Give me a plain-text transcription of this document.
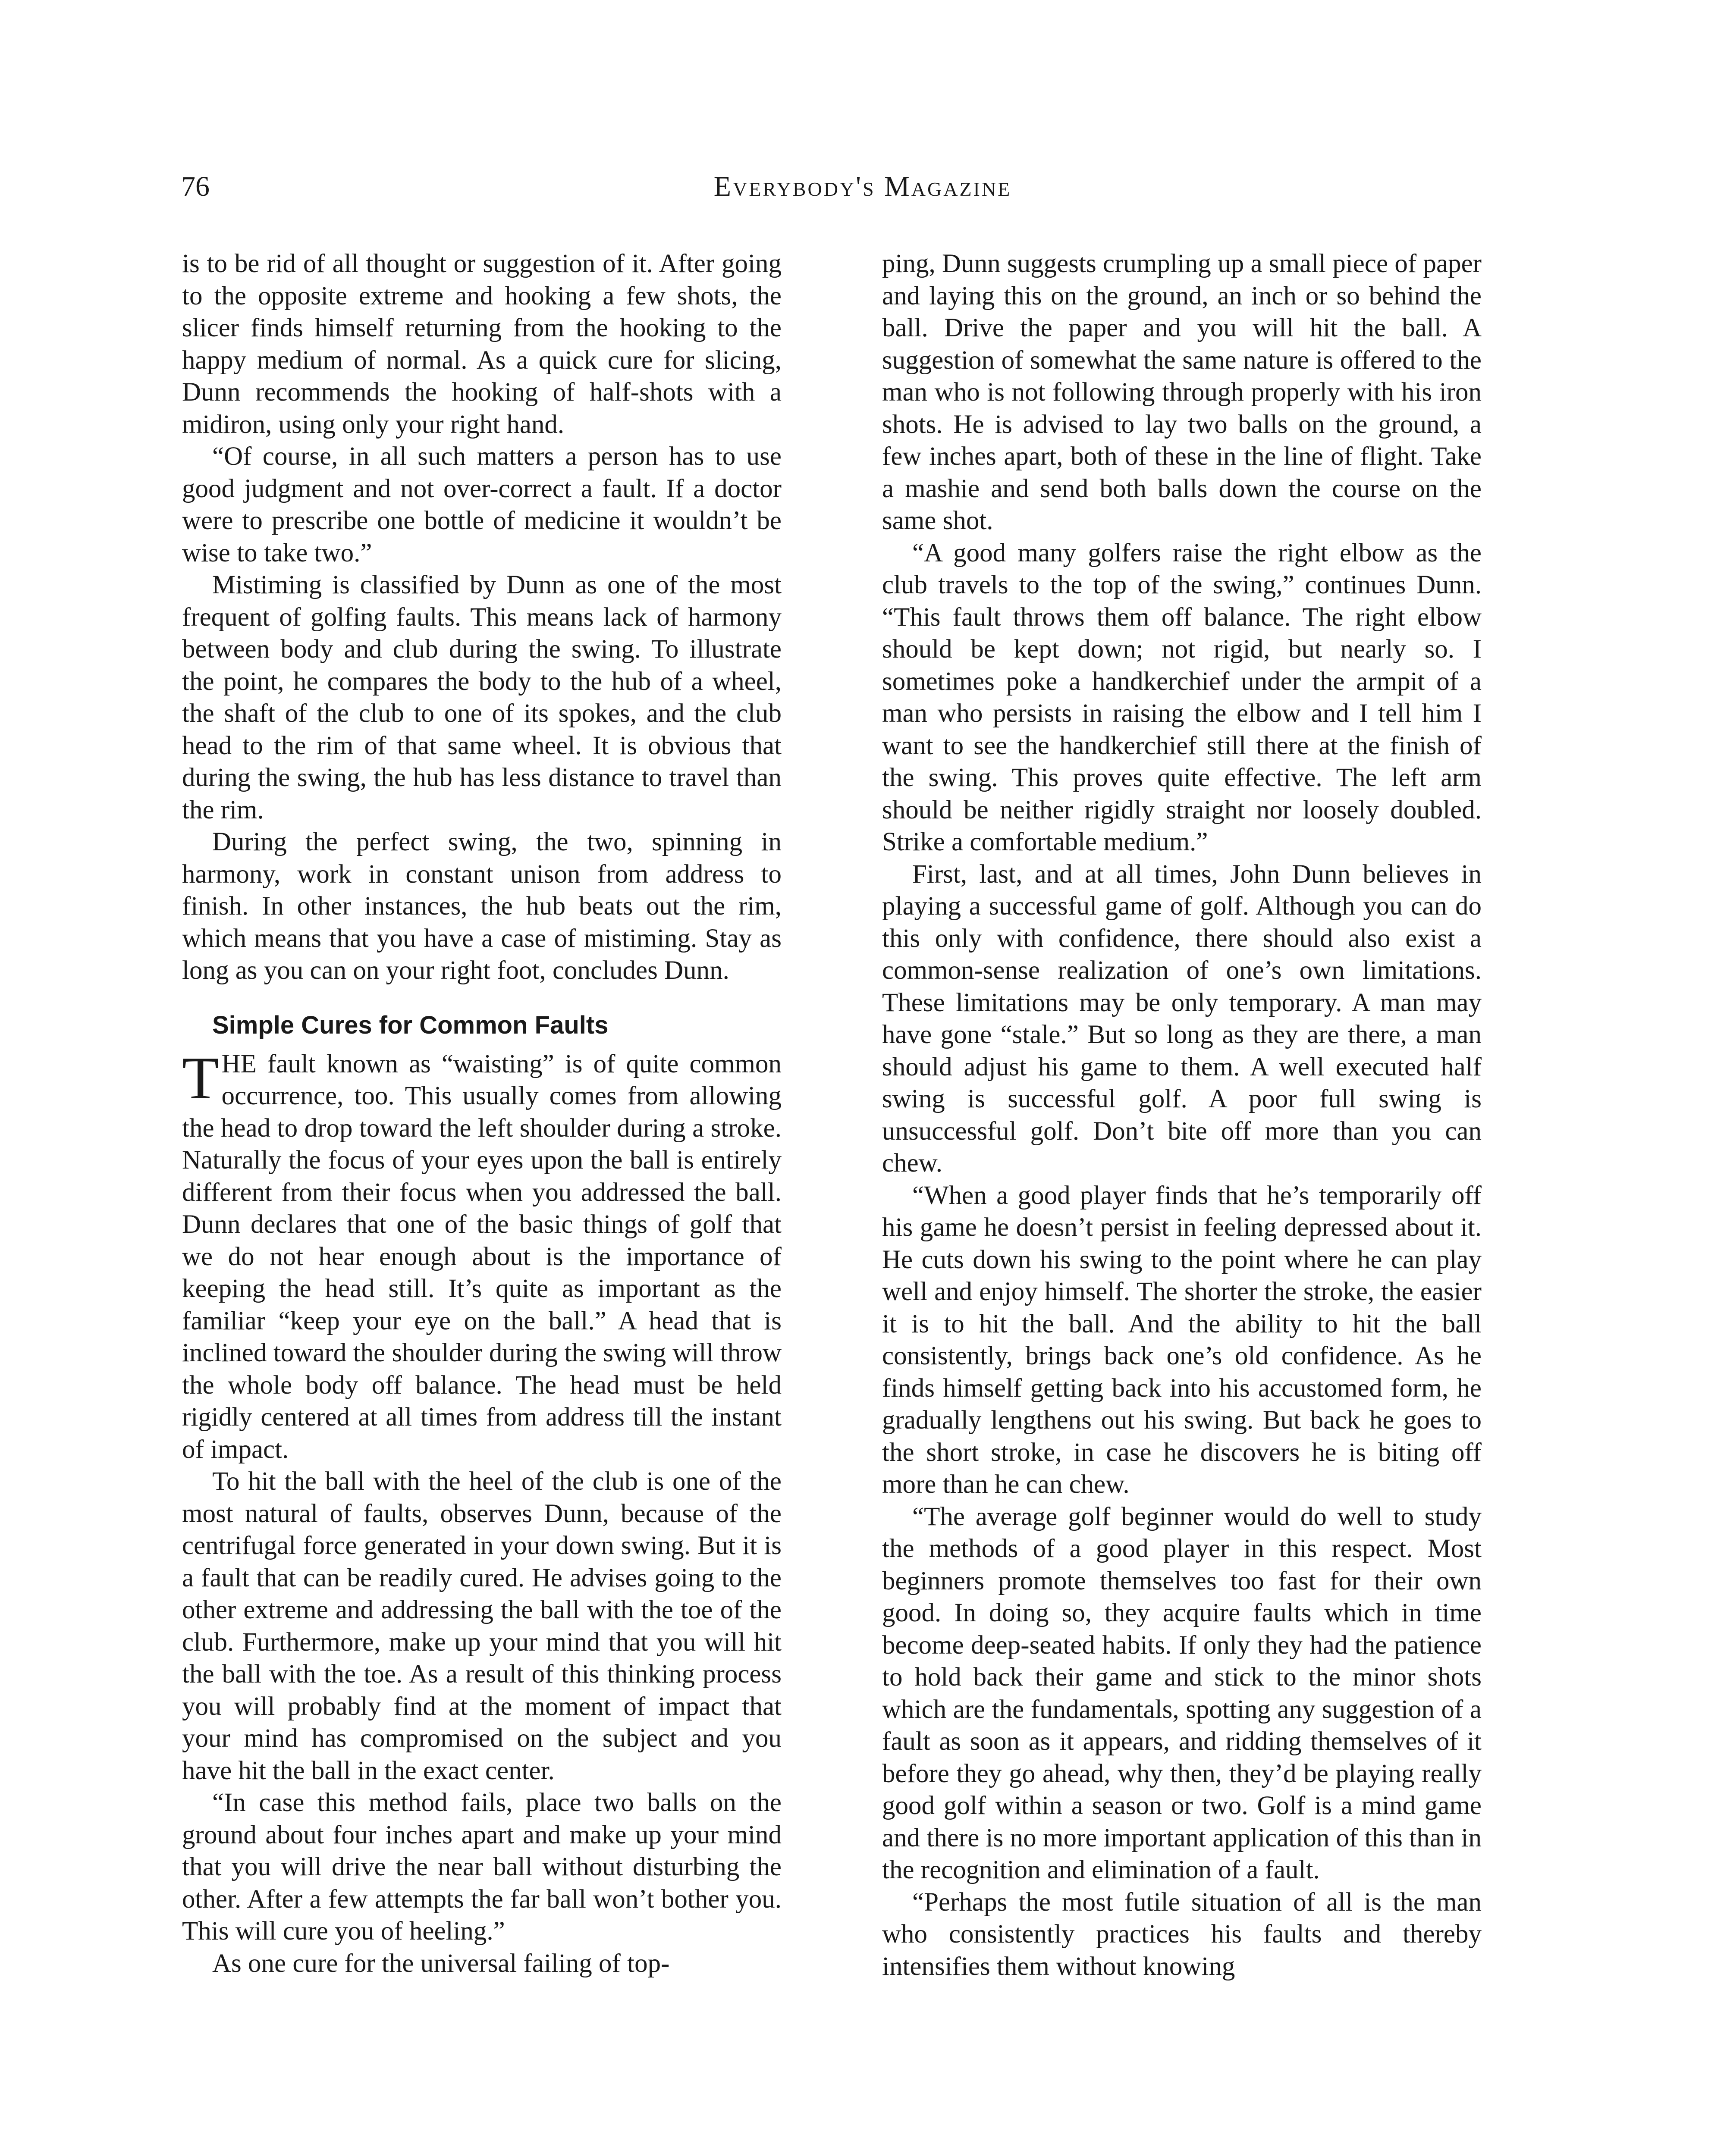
76	Everybody's Magazine

is to be rid of all thought or suggestion of it. After going to the opposite extreme and hooking a few shots, the slicer finds himself returning from the hooking to the happy medium of normal. As a quick cure for slicing, Dunn recommends the hooking of half-shots with a midiron, using only your right hand.

“Of course, in all such matters a person has to use good judgment and not over-correct a fault. If a doctor were to prescribe one bottle of medicine it wouldn’t be wise to take two.”

Mistiming is classified by Dunn as one of the most frequent of golfing faults. This means lack of harmony between body and club during the swing. To illustrate the point, he compares the body to the hub of a wheel, the shaft of the club to one of its spokes, and the club head to the rim of that same wheel. It is obvious that during the swing, the hub has less distance to travel than the rim.

During the perfect swing, the two, spinning in harmony, work in constant unison from address to finish. In other instances, the hub beats out the rim, which means that you have a case of mistiming. Stay as long as you can on your right foot, concludes Dunn.

Simple Cures for Common Faults

THE fault known as “waisting” is of quite common occurrence, too. This usually comes from allowing the head to drop toward the left shoulder during a stroke. Naturally the focus of your eyes upon the ball is entirely different from their focus when you addressed the ball. Dunn declares that one of the basic things of golf that we do not hear enough about is the importance of keeping the head still. It’s quite as important as the familiar “keep your eye on the ball.” A head that is inclined toward the shoulder during the swing will throw the whole body off balance. The head must be held rigidly centered at all times from address till the instant of impact.

To hit the ball with the heel of the club is one of the most natural of faults, observes Dunn, because of the centrifugal force generated in your down swing. But it is a fault that can be readily cured. He advises going to the other extreme and addressing the ball with the toe of the club. Furthermore, make up your mind that you will hit the ball with the toe. As a result of this thinking process you will probably find at the moment of impact that your mind has compromised on the subject and you have hit the ball in the exact center.

“In case this method fails, place two balls on the ground about four inches apart and make up your mind that you will drive the near ball without disturbing the other. After a few attempts the far ball won’t bother you. This will cure you of heeling.”

As one cure for the universal failing of top-

ping, Dunn suggests crumpling up a small piece of paper and laying this on the ground, an inch or so behind the ball. Drive the paper and you will hit the ball. A suggestion of somewhat the same nature is offered to the man who is not following through properly with his iron shots. He is advised to lay two balls on the ground, a few inches apart, both of these in the line of flight. Take a mashie and send both balls down the course on the same shot.

“A good many golfers raise the right elbow as the club travels to the top of the swing,” continues Dunn. “This fault throws them off balance. The right elbow should be kept down; not rigid, but nearly so. I sometimes poke a handkerchief under the armpit of a man who persists in raising the elbow and I tell him I want to see the handkerchief still there at the finish of the swing. This proves quite effective. The left arm should be neither rigidly straight nor loosely doubled. Strike a comfortable medium.”

First, last, and at all times, John Dunn believes in playing a successful game of golf. Although you can do this only with confidence, there should also exist a common-sense realization of one’s own limitations. These limitations may be only temporary. A man may have gone “stale.” But so long as they are there, a man should adjust his game to them. A well executed half swing is successful golf. A poor full swing is unsuccessful golf. Don’t bite off more than you can chew.

“When a good player finds that he’s temporarily off his game he doesn’t persist in feeling depressed about it. He cuts down his swing to the point where he can play well and enjoy himself. The shorter the stroke, the easier it is to hit the ball. And the ability to hit the ball consistently, brings back one’s old confidence. As he finds himself getting back into his accustomed form, he gradually lengthens out his swing. But back he goes to the short stroke, in case he discovers he is biting off more than he can chew.

“The average golf beginner would do well to study the methods of a good player in this respect. Most beginners promote themselves too fast for their own good. In doing so, they acquire faults which in time become deep-seated habits. If only they had the patience to hold back their game and stick to the minor shots which are the fundamentals, spotting any suggestion of a fault as soon as it appears, and ridding themselves of it before they go ahead, why then, they’d be playing really good golf within a season or two. Golf is a mind game and there is no more important application of this than in the recognition and elimination of a fault.

“Perhaps the most futile situation of all is the man who consistently practices his faults and thereby intensifies them without knowing
